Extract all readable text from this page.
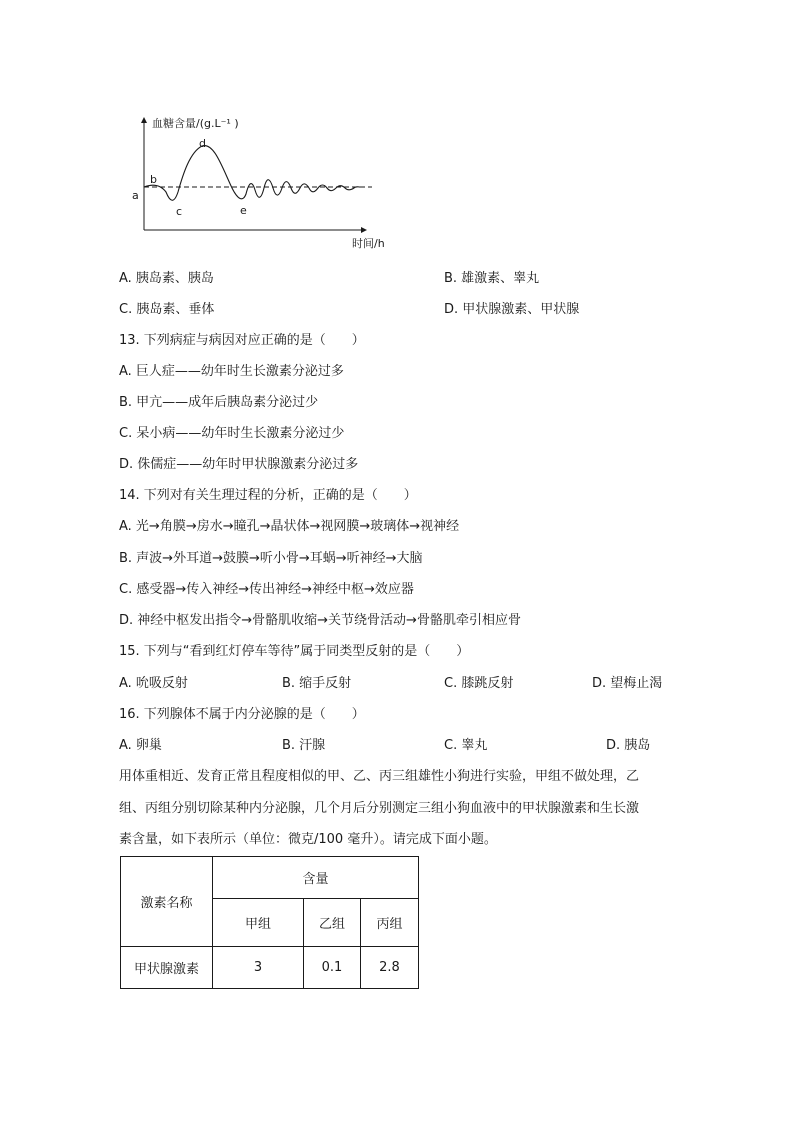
血糖含量/(g.L⁻¹ )
时间/h
a
b
c
d
e
A. 胰岛素、胰岛	B. 雄激素、睾丸
C. 胰岛素、垂体	D. 甲状腺激素、甲状腺
13. 下列病症与病因对应正确的是（　　）
A. 巨人症——幼年时生长激素分泌过多
B. 甲亢——成年后胰岛素分泌过少
C. 呆小病——幼年时生长激素分泌过少
D. 侏儒症——幼年时甲状腺激素分泌过多
14. 下列对有关生理过程的分析，正确的是（　　）
A. 光→角膜→房水→瞳孔→晶状体→视网膜→玻璃体→视神经
B. 声波→外耳道→鼓膜→听小骨→耳蜗→听神经→大脑
C. 感受器→传入神经→传出神经→神经中枢→效应器
D. 神经中枢发出指令→骨骼肌收缩→关节绕骨活动→骨骼肌牵引相应骨
15. 下列与“看到红灯停车等待”属于同类型反射的是（　　）
A. 吮吸反射	B. 缩手反射	C. 膝跳反射	D. 望梅止渴
16. 下列腺体不属于内分泌腺的是（　　）
A. 卵巢	B. 汗腺	C. 睾丸	D. 胰岛
用体重相近、发育正常且程度相似的甲、乙、丙三组雄性小狗进行实验，甲组不做处理，乙
组、丙组分别切除某种内分泌腺，几个月后分别测定三组小狗血液中的甲状腺激素和生长激
素含量，如下表所示（单位：微克/100 毫升）。请完成下面小题。
激素名称	含量		
	甲组	乙组	丙组
甲状腺激素	3	0.1	2.8
